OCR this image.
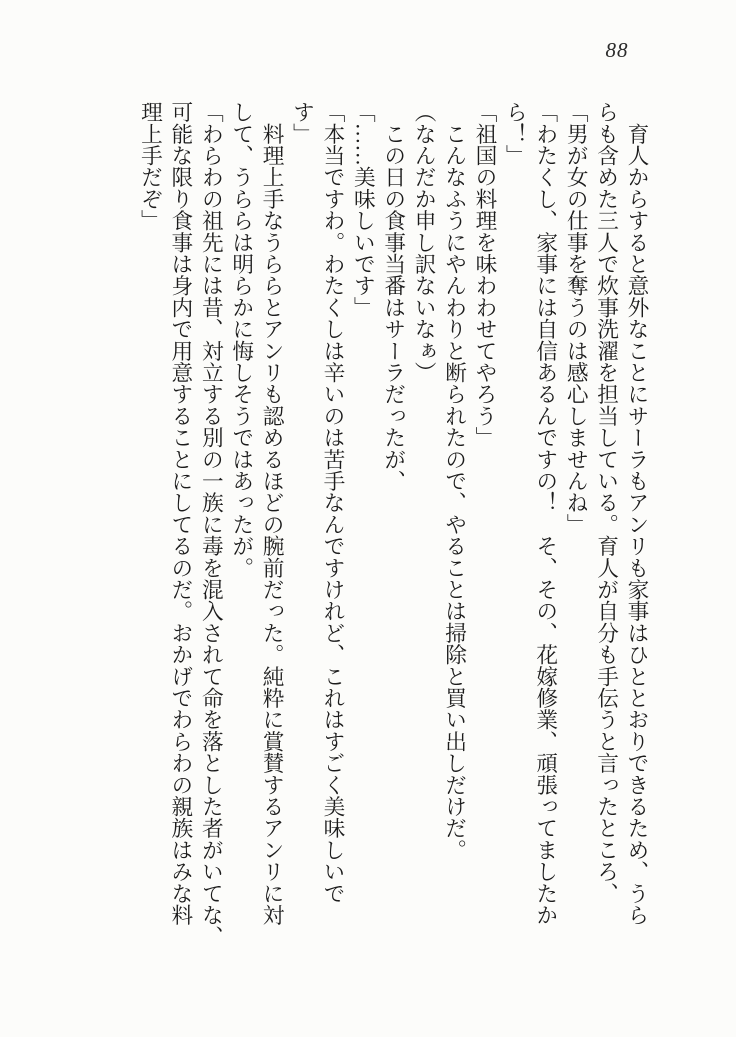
88
　育人からすると意外なことにサーラもアンリも家事はひととおりできるため、うら
らも含めた三人で炊事洗濯を担当している。育人が自分も手伝うと言ったところ、
「男が女の仕事を奪うのは感心しませんね」
「わたくし、家事には自信あるんですの！　そ、その、花嫁修業、頑張ってましたか
ら！」
「祖国の料理を味わわせてやろう」
　こんなふうにやんわりと断られたので、やることは掃除と買い出しだけだ。
（なんだか申し訳ないなぁ）
　この日の食事当番はサーラだったが、
「……美味しいです」
「本当ですわ。わたくしは辛いのは苦手なんですけれど、これはすごく美味しいで
す」
　料理上手なうららとアンリも認めるほどの腕前だった。純粋に賞賛するアンリに対
して、うららは明らかに悔しそうではあったが。
「わらわの祖先には昔、対立する別の一族に毒を混入されて命を落とした者がいてな、
可能な限り食事は身内で用意することにしてるのだ。おかげでわらわの親族はみな料
理上手だぞ」
